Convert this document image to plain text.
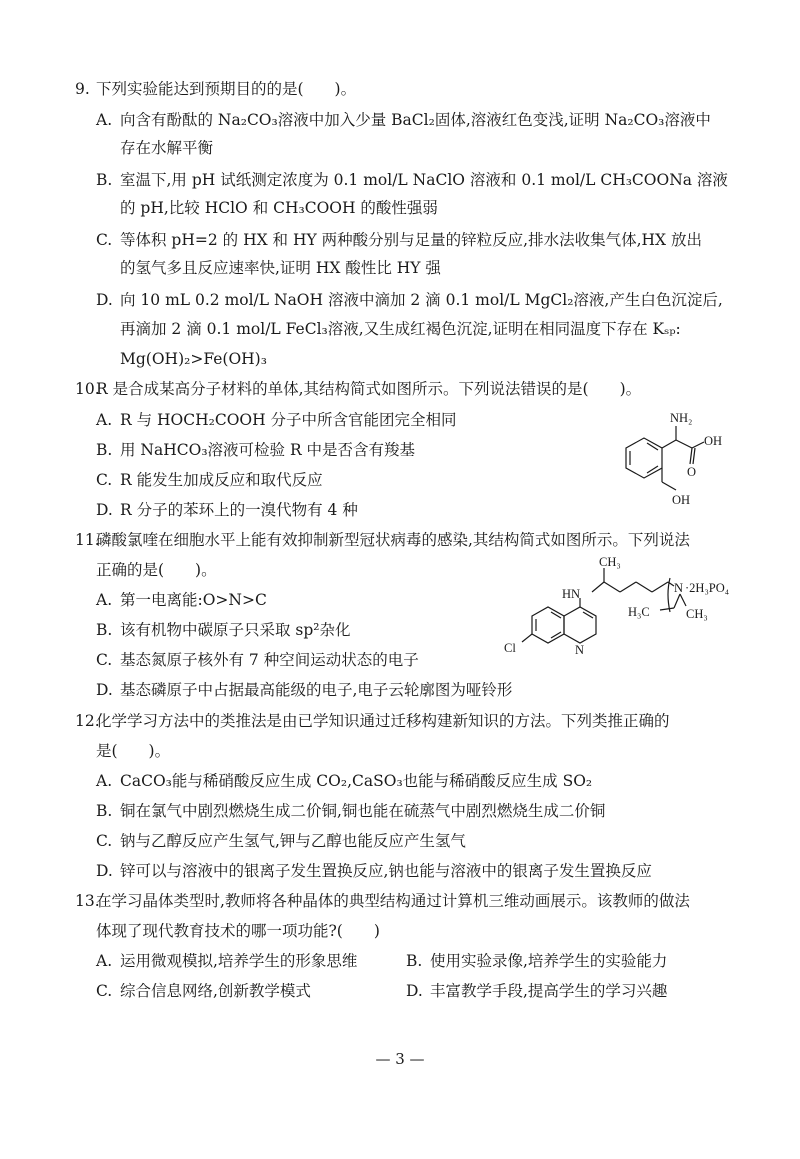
9. 下列实验能达到预期目的的是(　　)。
A. 向含有酚酞的 Na₂CO₃溶液中加入少量 BaCl₂固体,溶液红色变浅,证明 Na₂CO₃溶液中
存在水解平衡
B. 室温下,用 pH 试纸测定浓度为 0.1 mol/L NaClO 溶液和 0.1 mol/L CH₃COONa 溶液
的 pH,比较 HClO 和 CH₃COOH 的酸性强弱
C. 等体积 pH=2 的 HX 和 HY 两种酸分别与足量的锌粒反应,排水法收集气体,HX 放出
的氢气多且反应速率快,证明 HX 酸性比 HY 强
D. 向 10 mL 0.2 mol/L NaOH 溶液中滴加 2 滴 0.1 mol/L MgCl₂溶液,产生白色沉淀后,
再滴加 2 滴 0.1 mol/L FeCl₃溶液,又生成红褐色沉淀,证明在相同温度下存在 Kₛₚ:
Mg(OH)₂>Fe(OH)₃
10.
R 是合成某高分子材料的单体,其结构简式如图所示。下列说法错误的是(　　)。
A. R 与 HOCH₂COOH 分子中所含官能团完全相同
B. 用 NaHCO₃溶液可检验 R 中是否含有羧基
C. R 能发生加成反应和取代反应
D. R 分子的苯环上的一溴代物有 4 种
NH₂
OH
O
OH
11.
磷酸氯喹在细胞水平上能有效抑制新型冠状病毒的感染,其结构简式如图所示。下列说法
正确的是(　　)。
A. 第一电离能:O>N>C
B. 该有机物中碳原子只采取 sp²杂化
C. 基态氮原子核外有 7 种空间运动状态的电子
D. 基态磷原子中占据最高能级的电子,电子云轮廓图为哑铃形
CH₃
HN	N ·2H₃PO₄
H₃C	CH₃
Cl	N
12.
化学学习方法中的类推法是由已学知识通过迁移构建新知识的方法。下列类推正确的
是(　　)。
A. CaCO₃能与稀硝酸反应生成 CO₂,CaSO₃也能与稀硝酸反应生成 SO₂
B. 铜在氯气中剧烈燃烧生成二价铜,铜也能在硫蒸气中剧烈燃烧生成二价铜
C. 钠与乙醇反应产生氢气,钾与乙醇也能反应产生氢气
D. 锌可以与溶液中的银离子发生置换反应,钠也能与溶液中的银离子发生置换反应
13.
在学习晶体类型时,教师将各种晶体的典型结构通过计算机三维动画展示。该教师的做法
体现了现代教育技术的哪一项功能?(　　)
A. 运用微观模拟,培养学生的形象思维	B. 使用实验录像,培养学生的实验能力
C. 综合信息网络,创新教学模式	D. 丰富教学手段,提高学生的学习兴趣
— 3 —
